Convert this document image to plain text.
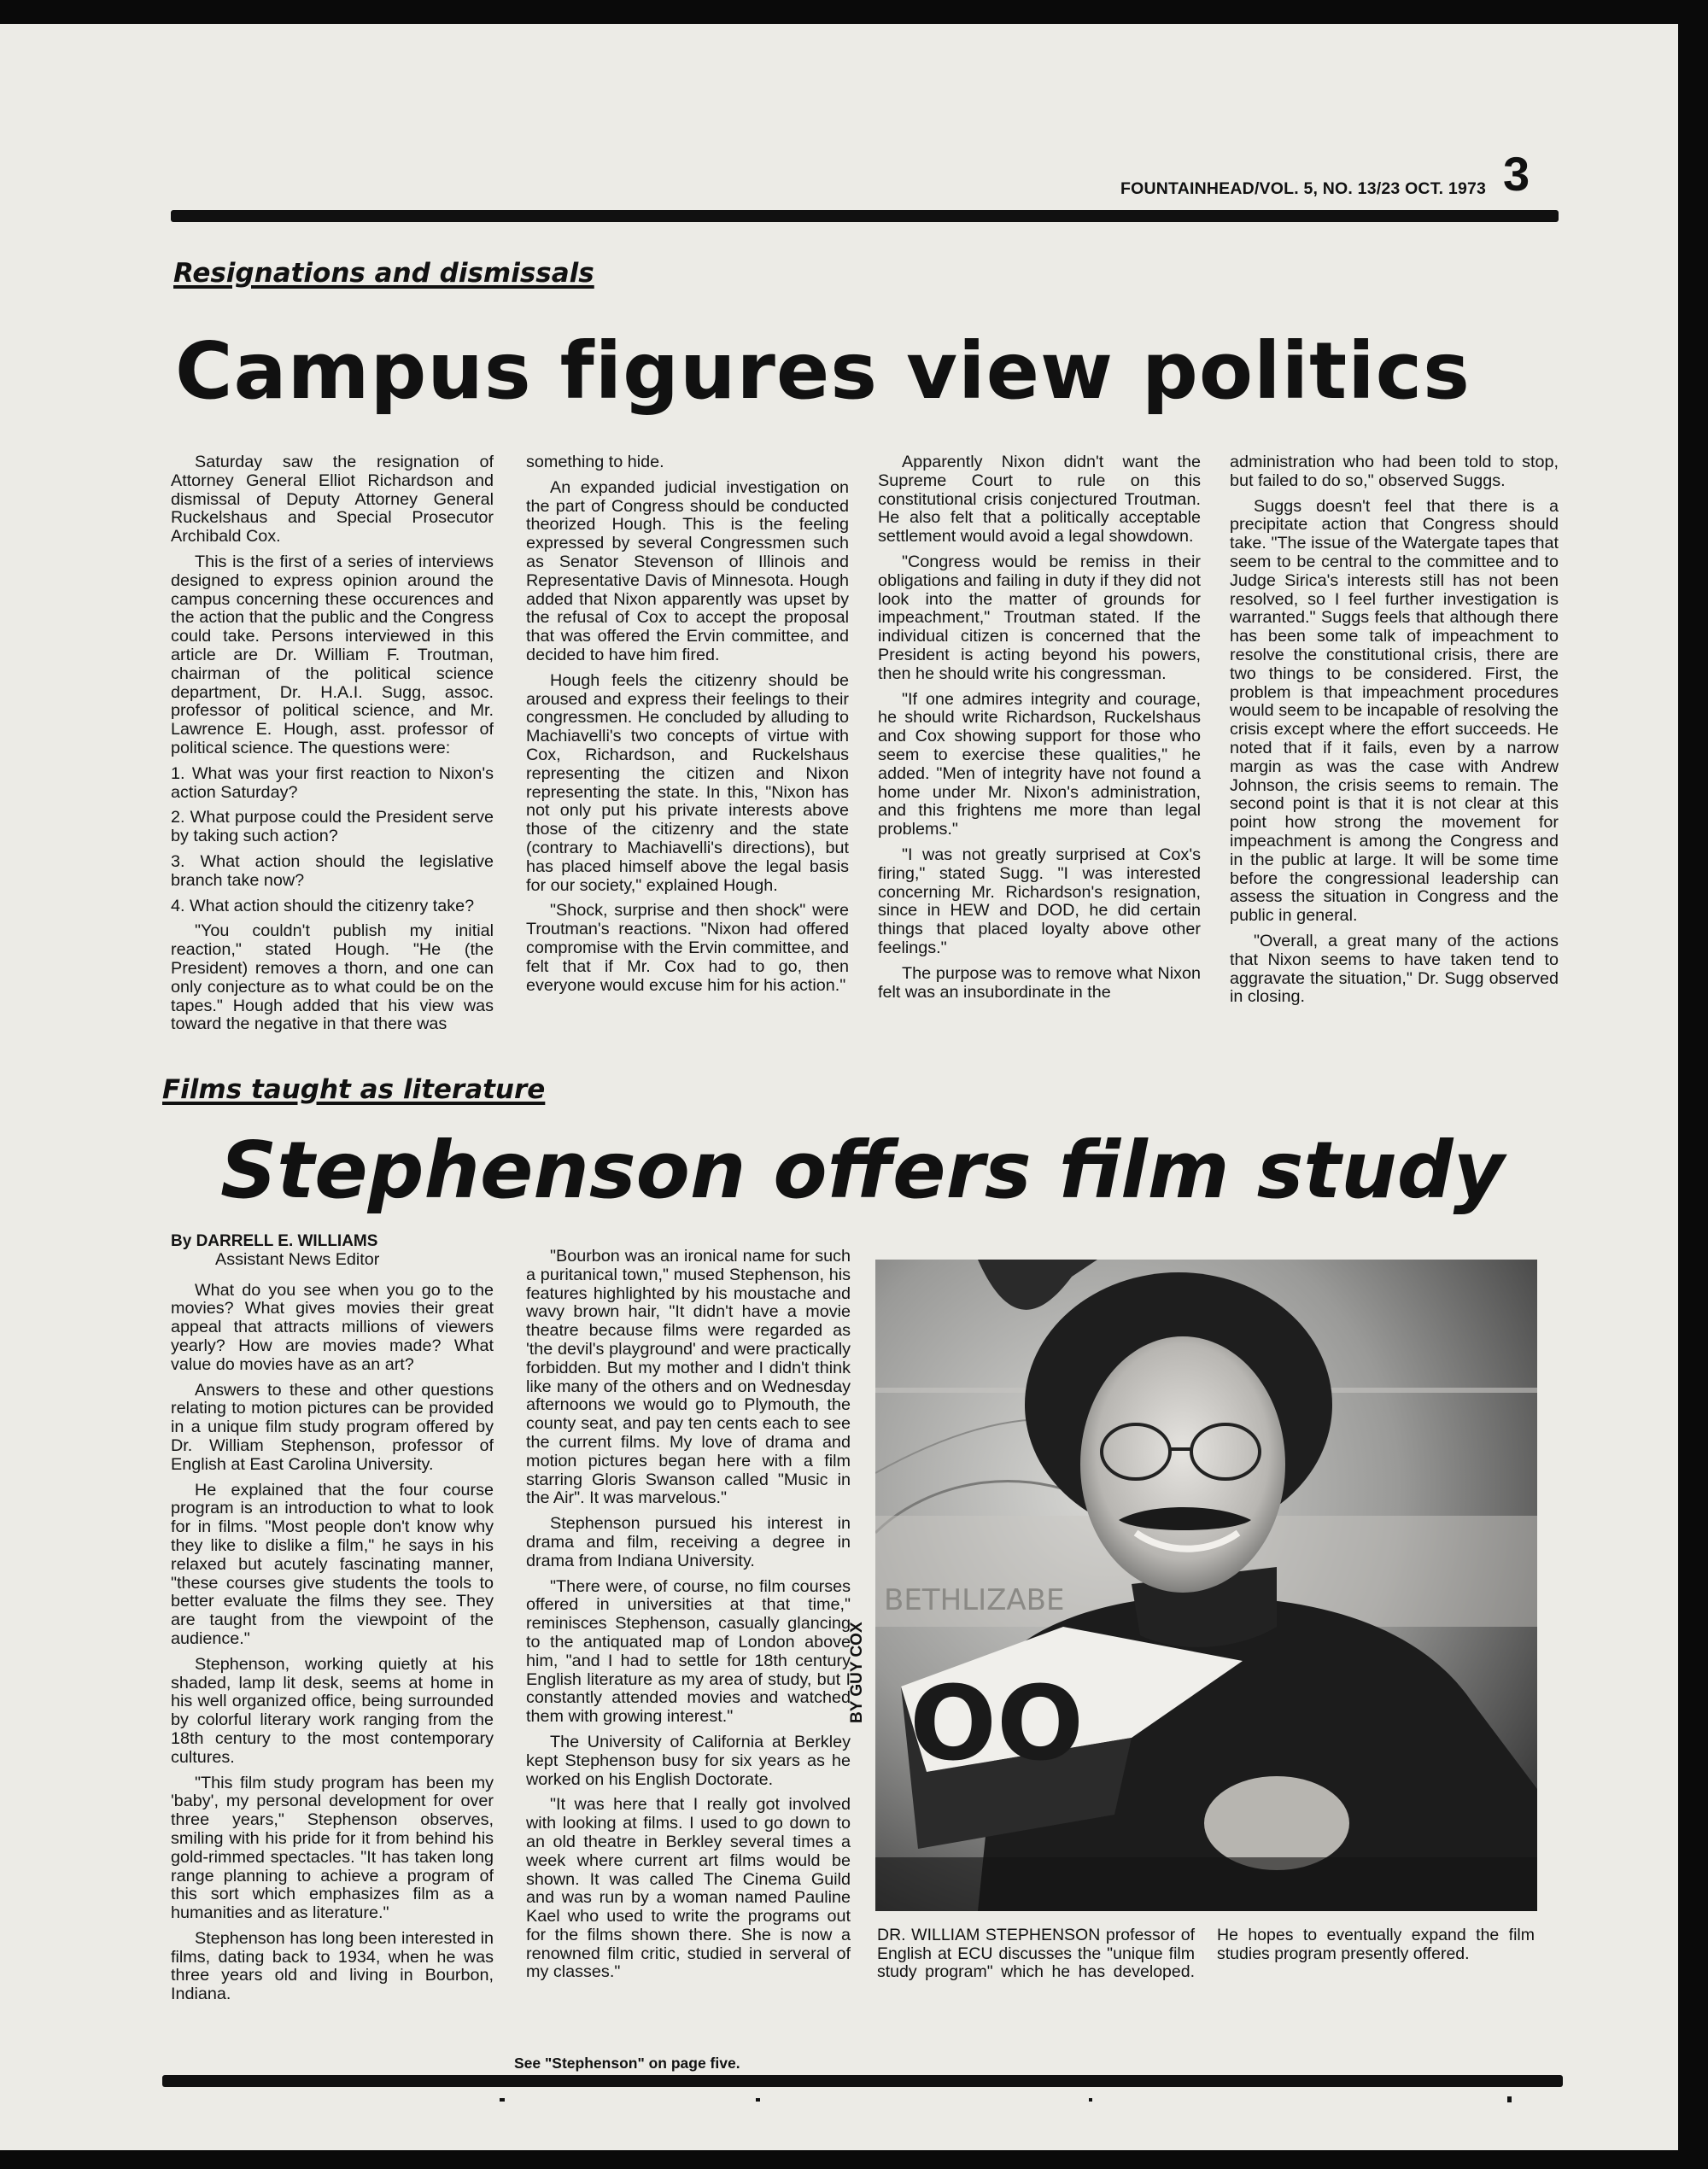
FOUNTAINHEAD/VOL. 5, NO. 13/23 OCT. 1973 3
Resignations and dismissals
Campus figures view politics

Saturday saw the resignation of Attorney General Elliot Richardson and dismissal of Deputy Attorney General Ruckelshaus and Special Prosecutor Archibald Cox.

This is the first of a series of interviews designed to express opinion around the campus concerning these occurences and the action that the public and the Congress could take. Persons interviewed in this article are Dr. William F. Troutman, chairman of the political science department, Dr. H.A.I. Sugg, assoc. professor of political science, and Mr. Lawrence E. Hough, asst. professor of political science. The questions were:

1. What was your first reaction to Nixon's action Saturday?

2. What purpose could the President serve by taking such action?

3. What action should the legislative branch take now?

4. What action should the citizenry take?

"You couldn't publish my initial reaction," stated Hough. "He (the President) removes a thorn, and one can only conjecture as to what could be on the tapes." Hough added that his view was toward the negative in that there was

something to hide.

An expanded judicial investigation on the part of Congress should be conducted theorized Hough. This is the feeling expressed by several Congressmen such as Senator Stevenson of Illinois and Representative Davis of Minnesota. Hough added that Nixon apparently was upset by the refusal of Cox to accept the proposal that was offered the Ervin committee, and decided to have him fired.

Hough feels the citizenry should be aroused and express their feelings to their congressmen. He concluded by alluding to Machiavelli's two concepts of virtue with Cox, Richardson, and Ruckelshaus representing the citizen and Nixon representing the state. In this, "Nixon has not only put his private interests above those of the citizenry and the state (contrary to Machiavelli's directions), but has placed himself above the legal basis for our society," explained Hough.

"Shock, surprise and then shock" were Troutman's reactions. "Nixon had offered compromise with the Ervin committee, and felt that if Mr. Cox had to go, then everyone would excuse him for his action."

Apparently Nixon didn't want the Supreme Court to rule on this constitutional crisis conjectured Troutman. He also felt that a politically acceptable settlement would avoid a legal showdown.

"Congress would be remiss in their obligations and failing in duty if they did not look into the matter of grounds for impeachment," Troutman stated. If the individual citizen is concerned that the President is acting beyond his powers, then he should write his congressman.

"If one admires integrity and courage, he should write Richardson, Ruckelshaus and Cox showing support for those who seem to exercise these qualities," he added. "Men of integrity have not found a home under Mr. Nixon's administration, and this frightens me more than legal problems."

"I was not greatly surprised at Cox's firing," stated Sugg. "I was interested concerning Mr. Richardson's resignation, since in HEW and DOD, he did certain things that placed loyalty above other feelings."

The purpose was to remove what Nixon felt was an insubordinate in the

administration who had been told to stop, but failed to do so," observed Suggs.

Suggs doesn't feel that there is a precipitate action that Congress should take. "The issue of the Watergate tapes that seem to be central to the committee and to Judge Sirica's interests still has not been resolved, so I feel further investigation is warranted." Suggs feels that although there has been some talk of impeachment to resolve the constitutional crisis, there are two things to be considered. First, the problem is that impeachment procedures would seem to be incapable of resolving the crisis except where the effort succeeds. He noted that if it fails, even by a narrow margin as was the case with Andrew Johnson, the crisis seems to remain. The second point is that it is not clear at this point how strong the movement for impeachment is among the Congress and in the public at large. It will be some time before the congressional leadership can assess the situation in Congress and the public in general.

"Overall, a great many of the actions that Nixon seems to have taken tend to aggravate the situation," Dr. Sugg observed in closing.

Films taught as literature
Stephenson offers film study
By DARRELL E. WILLIAMS
Assistant News Editor

What do you see when you go to the movies? What gives movies their great appeal that attracts millions of viewers yearly? How are movies made? What value do movies have as an art?

Answers to these and other questions relating to motion pictures can be provided in a unique film study program offered by Dr. William Stephenson, professor of English at East Carolina University.

He explained that the four course program is an introduction to what to look for in films. "Most people don't know why they like to dislike a film," he says in his relaxed but acutely fascinating manner, "these courses give students the tools to better evaluate the films they see. They are taught from the viewpoint of the audience."

Stephenson, working quietly at his shaded, lamp lit desk, seems at home in his well organized office, being surrounded by colorful literary work ranging from the 18th century to the most contemporary cultures.

"This film study program has been my 'baby', my personal development for over three years," Stephenson observes, smiling with his pride for it from behind his gold-rimmed spectacles. "It has taken long range planning to achieve a program of this sort which emphasizes film as a humanities and as literature."

Stephenson has long been interested in films, dating back to 1934, when he was three years old and living in Bourbon, Indiana.

"Bourbon was an ironical name for such a puritanical town," mused Stephenson, his features highlighted by his moustache and wavy brown hair, "It didn't have a movie theatre because films were regarded as 'the devil's playground' and were practically forbidden. But my mother and I didn't think like many of the others and on Wednesday afternoons we would go to Plymouth, the county seat, and pay ten cents each to see the current films. My love of drama and motion pictures began here with a film starring Gloris Swanson called "Music in the Air". It was marvelous."

Stephenson pursued his interest in drama and film, receiving a degree in drama from Indiana University.

"There were, of course, no film courses offered in universities at that time," reminisces Stephenson, casually glancing to the antiquated map of London above him, "and I had to settle for 18th century English literature as my area of study, but I constantly attended movies and watched them with growing interest."

The University of California at Berkley kept Stephenson busy for six years as he worked on his English Doctorate.

"It was here that I really got involved with looking at films. I used to go down to an old theatre in Berkley several times a week where current art films would be shown. It was called The Cinema Guild and was run by a woman named Pauline Kael who used to write the programs out for the films shown there. She is now a renowned film critic, studied in serveral of my classes."

See "Stephenson" on page five.
BY GUY COX
BETHLIZABE
OO
DR. WILLIAM STEPHENSON professor of English at ECU discusses the "unique film study program" which he has developed. He hopes to eventually expand the film studies program presently offered.
